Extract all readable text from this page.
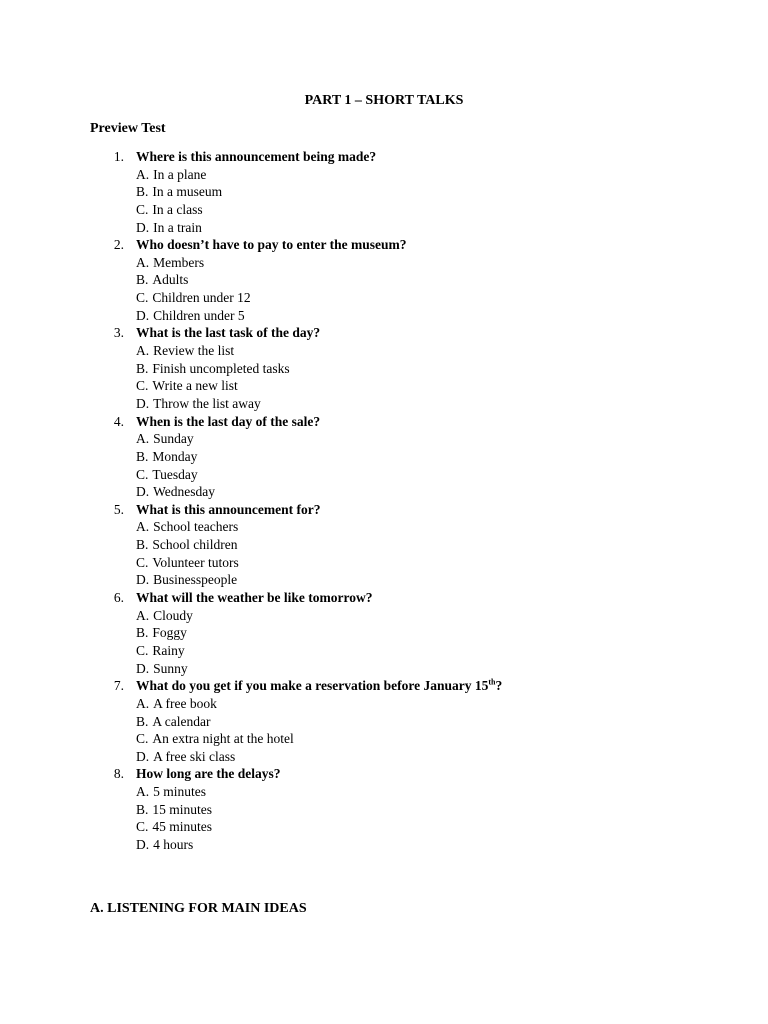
PART 1 – SHORT TALKS
Preview Test
1. Where is this announcement being made?
A. In a plane
B. In a museum
C. In a class
D. In a train
2. Who doesn’t have to pay to enter the museum?
A. Members
B. Adults
C. Children under 12
D. Children under 5
3. What is the last task of the day?
A. Review the list
B. Finish uncompleted tasks
C. Write a new list
D. Throw the list away
4. When is the last day of the sale?
A. Sunday
B. Monday
C. Tuesday
D. Wednesday
5. What is this announcement for?
A. School teachers
B. School children
C. Volunteer tutors
D. Businesspeople
6. What will the weather be like tomorrow?
A. Cloudy
B. Foggy
C. Rainy
D. Sunny
7. What do you get if you make a reservation before January 15th?
A. A free book
B. A calendar
C. An extra night at the hotel
D. A free ski class
8. How long are the delays?
A. 5 minutes
B. 15 minutes
C. 45 minutes
D. 4 hours
A. LISTENING FOR MAIN IDEAS
